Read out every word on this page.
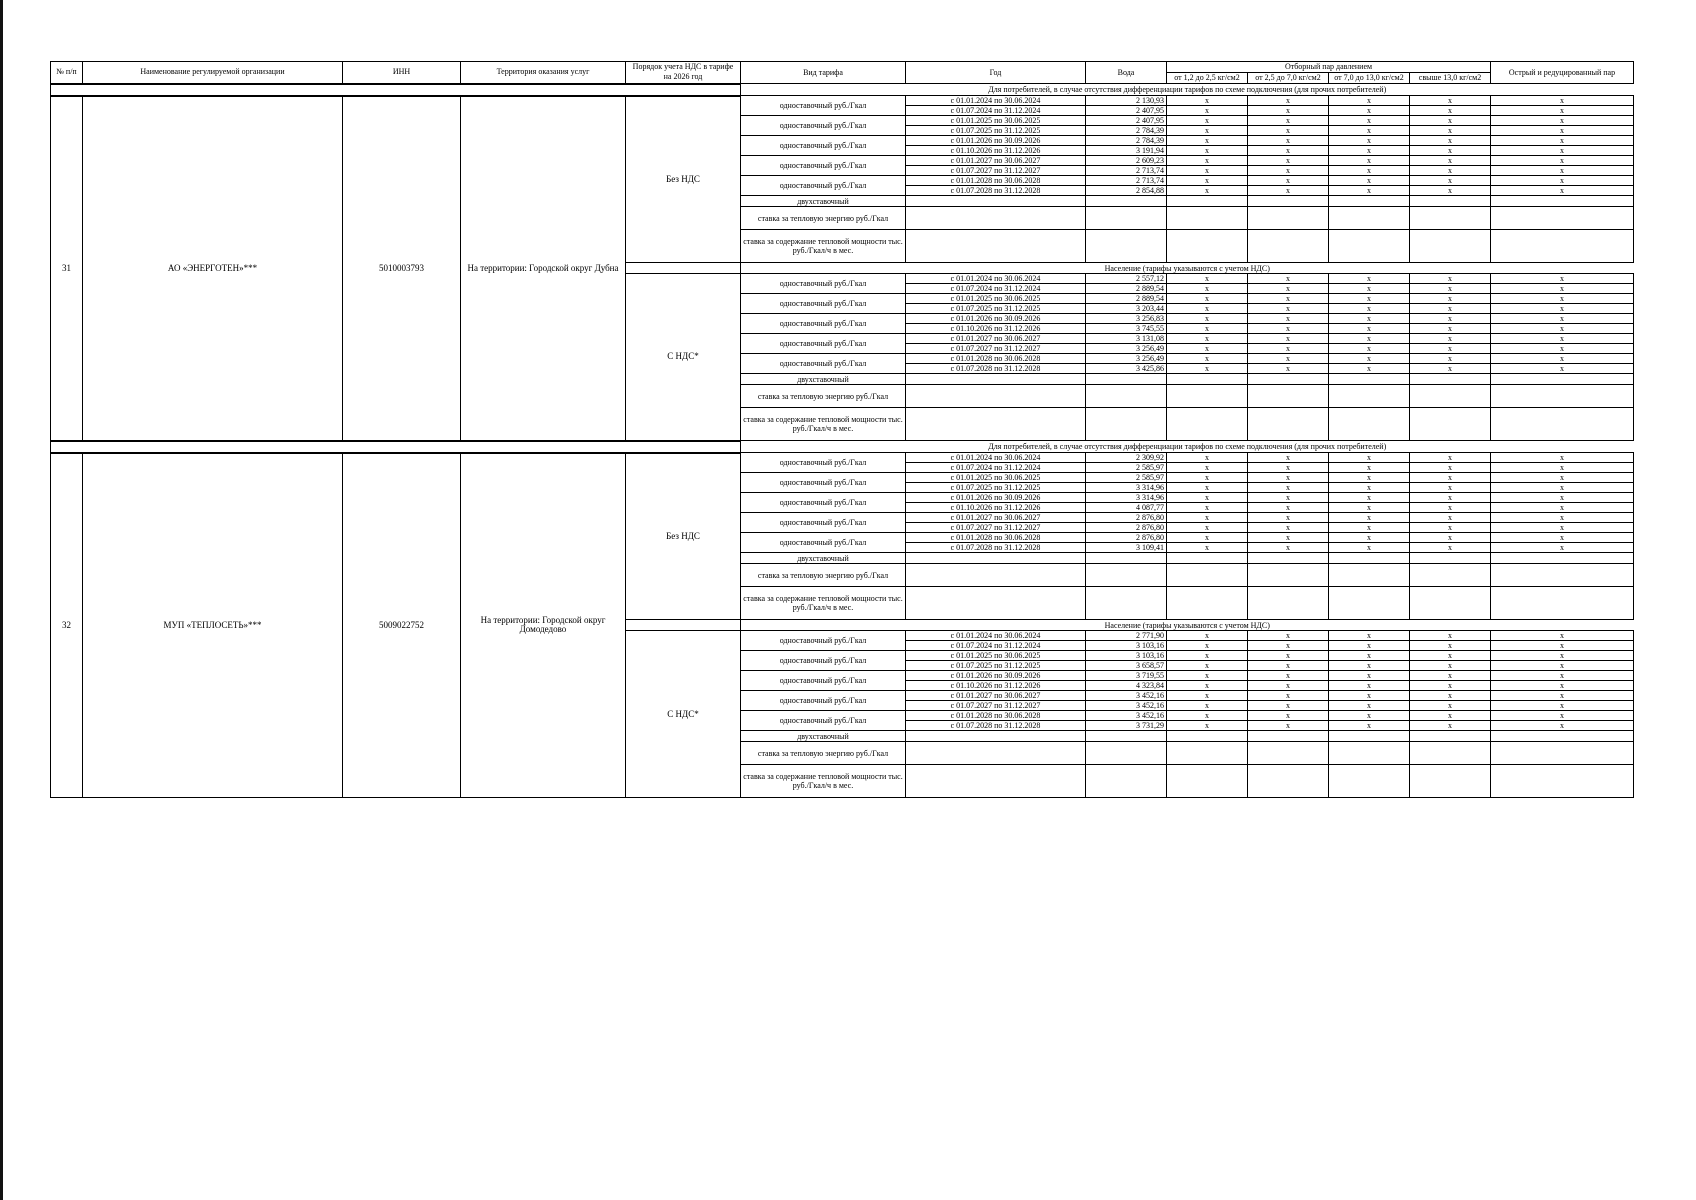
№ п/п	Наименование регулируемой организации	ИНН	Территория оказания услуг	Порядок учета НДС в тарифе на 2026 год	Вид тарифа	Год	Вода	Отборный пар давлением				Острый и редуцированный пар
								от 1,2 до 2,5 кг/см2	от 2,5 до 7,0 кг/см2	от 7,0 до 13,0 кг/см2	свыше 13,0 кг/см2	
					Для потребителей, в случае отсутствия дифференциации тарифов по схеме подключения (для прочих потребителей)							
31	АО «ЭНЕРГОТЕН»***	5010003793	На территории: Городской округ Дубна	Без НДС	одноставочный руб./Гкал	с 01.01.2024 по 30.06.2024	2 130,93	x	x	x	x	x
						с 01.07.2024 по 31.12.2024	2 407,95	x	x	x	x	x
					одноставочный руб./Гкал	с 01.01.2025 по 30.06.2025	2 407,95	x	x	x	x	x
						с 01.07.2025 по 31.12.2025	2 784,39	x	x	x	x	x
					одноставочный руб./Гкал	с 01.01.2026 по 30.09.2026	2 784,39	x	x	x	x	x
						с 01.10.2026 по 31.12.2026	3 191,94	x	x	x	x	x
					одноставочный руб./Гкал	с 01.01.2027 по 30.06.2027	2 609,23	x	x	x	x	x
						с 01.07.2027 по 31.12.2027	2 713,74	x	x	x	x	x
					одноставочный руб./Гкал	с 01.01.2028 по 30.06.2028	2 713,74	x	x	x	x	x
						с 01.07.2028 по 31.12.2028	2 854,88	x	x	x	x	x
					двухставочный							
					ставка за тепловую энергию руб./Гкал							
					ставка за содержание тепловой мощности тыс. руб./Гкал/ч в мес.							
					Население (тарифы указываются с учетом НДС)							
				С НДС*	одноставочный руб./Гкал	с 01.01.2024 по 30.06.2024	2 557,12	x	x	x	x	x
						с 01.07.2024 по 31.12.2024	2 889,54	x	x	x	x	x
					одноставочный руб./Гкал	с 01.01.2025 по 30.06.2025	2 889,54	x	x	x	x	x
						с 01.07.2025 по 31.12.2025	3 203,44	x	x	x	x	x
					одноставочный руб./Гкал	с 01.01.2026 по 30.09.2026	3 256,83	x	x	x	x	x
						с 01.10.2026 по 31.12.2026	3 745,55	x	x	x	x	x
					одноставочный руб./Гкал	с 01.01.2027 по 30.06.2027	3 131,08	x	x	x	x	x
						с 01.07.2027 по 31.12.2027	3 256,49	x	x	x	x	x
					одноставочный руб./Гкал	с 01.01.2028 по 30.06.2028	3 256,49	x	x	x	x	x
						с 01.07.2028 по 31.12.2028	3 425,86	x	x	x	x	x
					двухставочный							
					ставка за тепловую энергию руб./Гкал							
					ставка за содержание тепловой мощности тыс. руб./Гкал/ч в мес.							
					Для потребителей, в случае отсутствия дифференциации тарифов по схеме подключения (для прочих потребителей)							
32	МУП «ТЕПЛОСЕТЬ»***	5009022752	На территории: Городской округ Домодедово	Без НДС	одноставочный руб./Гкал	с 01.01.2024 по 30.06.2024	2 309,92	x	x	x	x	x
						с 01.07.2024 по 31.12.2024	2 585,97	x	x	x	x	x
					одноставочный руб./Гкал	с 01.01.2025 по 30.06.2025	2 585,97	x	x	x	x	x
						с 01.07.2025 по 31.12.2025	3 314,96	x	x	x	x	x
					одноставочный руб./Гкал	с 01.01.2026 по 30.09.2026	3 314,96	x	x	x	x	x
						с 01.10.2026 по 31.12.2026	4 087,77	x	x	x	x	x
					одноставочный руб./Гкал	с 01.01.2027 по 30.06.2027	2 876,80	x	x	x	x	x
						с 01.07.2027 по 31.12.2027	2 876,80	x	x	x	x	x
					одноставочный руб./Гкал	с 01.01.2028 по 30.06.2028	2 876,80	x	x	x	x	x
						с 01.07.2028 по 31.12.2028	3 109,41	x	x	x	x	x
					двухставочный							
					ставка за тепловую энергию руб./Гкал							
					ставка за содержание тепловой мощности тыс. руб./Гкал/ч в мес.							
					Население (тарифы указываются с учетом НДС)							
				С НДС*	одноставочный руб./Гкал	с 01.01.2024 по 30.06.2024	2 771,90	x	x	x	x	x
						с 01.07.2024 по 31.12.2024	3 103,16	x	x	x	x	x
					одноставочный руб./Гкал	с 01.01.2025 по 30.06.2025	3 103,16	x	x	x	x	x
						с 01.07.2025 по 31.12.2025	3 658,57	x	x	x	x	x
					одноставочный руб./Гкал	с 01.01.2026 по 30.09.2026	3 719,55	x	x	x	x	x
						с 01.10.2026 по 31.12.2026	4 323,84	x	x	x	x	x
					одноставочный руб./Гкал	с 01.01.2027 по 30.06.2027	3 452,16	x	x	x	x	x
						с 01.07.2027 по 31.12.2027	3 452,16	x	x	x	x	x
					одноставочный руб./Гкал	с 01.01.2028 по 30.06.2028	3 452,16	x	x	x	x	x
						с 01.07.2028 по 31.12.2028	3 731,29	x	x	x	x	x
					двухставочный							
					ставка за тепловую энергию руб./Гкал							
					ставка за содержание тепловой мощности тыс. руб./Гкал/ч в мес.							
